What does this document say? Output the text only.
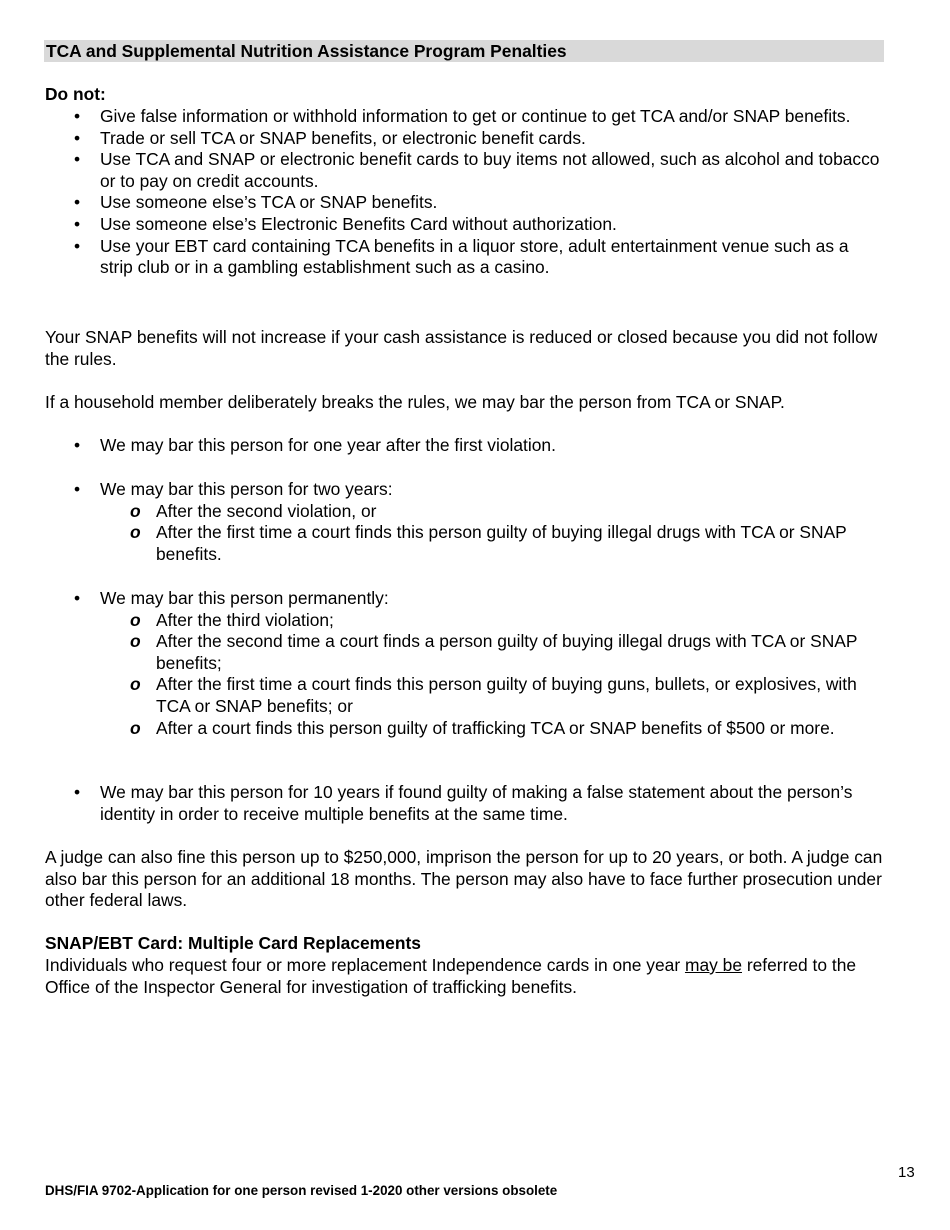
TCA and Supplemental Nutrition Assistance Program Penalties
Do not:
• Give false information or withhold information to get or continue to get TCA and/or SNAP benefits.
• Trade or sell TCA or SNAP benefits, or electronic benefit cards.
• Use TCA and SNAP or electronic benefit cards to buy items not allowed, such as alcohol and tobacco or to pay on credit accounts.
• Use someone else’s TCA or SNAP benefits.
• Use someone else’s Electronic Benefits Card without authorization.
• Use your EBT card containing TCA benefits in a liquor store, adult entertainment venue such as a strip club or in a gambling establishment such as a casino.
Your SNAP benefits will not increase if your cash assistance is reduced or closed because you did not follow the rules.
If a household member deliberately breaks the rules, we may bar the person from TCA or SNAP.
• We may bar this person for one year after the first violation.
• We may bar this person for two years:
o After the second violation, or
o After the first time a court finds this person guilty of buying illegal drugs with TCA or SNAP benefits.
• We may bar this person permanently:
o After the third violation;
o After the second time a court finds a person guilty of buying illegal drugs with TCA or SNAP benefits;
o After the first time a court finds this person guilty of buying guns, bullets, or explosives, with TCA or SNAP benefits; or
o After a court finds this person guilty of trafficking TCA or SNAP benefits of $500 or more.
• We may bar this person for 10 years if found guilty of making a false statement about the person’s identity in order to receive multiple benefits at the same time.
A judge can also fine this person up to $250,000, imprison the person for up to 20 years, or both. A judge can also bar this person for an additional 18 months. The person may also have to face further prosecution under other federal laws.
SNAP/EBT Card: Multiple Card Replacements
Individuals who request four or more replacement Independence cards in one year may be referred to the Office of the Inspector General for investigation of trafficking benefits.
13
DHS/FIA 9702-Application for one person revised 1-2020 other versions obsolete
